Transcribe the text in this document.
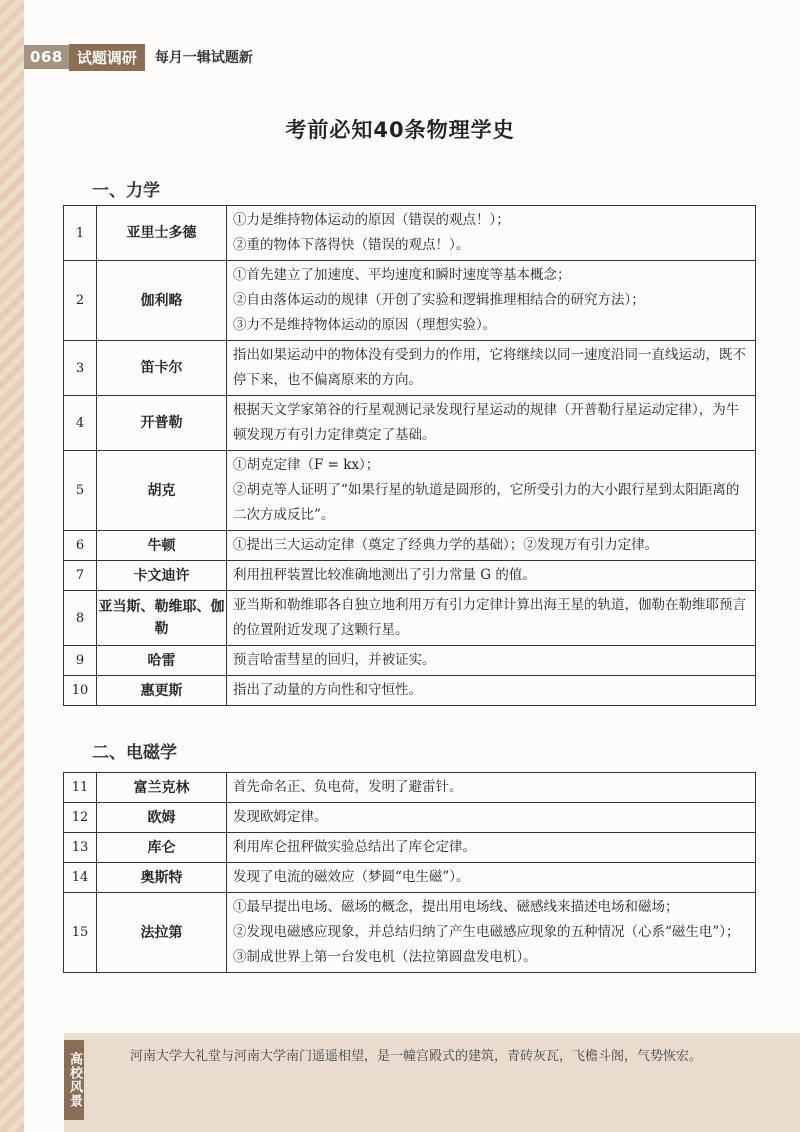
068 试题调研	每月一辑试题新
考前必知40条物理学史
一、力学
1	亚里士多德	①力是维持物体运动的原因（错误的观点！）；
②重的物体下落得快（错误的观点！）。

2	伽利略	①首先建立了加速度、平均速度和瞬时速度等基本概念；
②自由落体运动的规律（开创了实验和逻辑推理相结合的研究方法）；
③力不是维持物体运动的原因（理想实验）。

3	笛卡尔	指出如果运动中的物体没有受到力的作用，它将继续以同一速度沿同一直线运动，既不停下来，也不偏离原来的方向。

4	开普勒	根据天文学家第谷的行星观测记录发现行星运动的规律（开普勒行星运动定律），为牛顿发现万有引力定律奠定了基础。

5	胡克	①胡克定律（F = kx）；
②胡克等人证明了“如果行星的轨道是圆形的，它所受引力的大小跟行星到太阳距离的二次方成反比”。

6	牛顿	①提出三大运动定律（奠定了经典力学的基础）；②发现万有引力定律。

7	卡文迪许	利用扭秤装置比较准确地测出了引力常量 G 的值。

8	亚当斯、勒维耶、伽勒	亚当斯和勒维耶各自独立地利用万有引力定律计算出海王星的轨道，伽勒在勒维耶预言的位置附近发现了这颗行星。

9	哈雷	预言哈雷彗星的回归，并被证实。

10	惠更斯	指出了动量的方向性和守恒性。
二、电磁学
11	富兰克林	首先命名正、负电荷，发明了避雷针。

12	欧姆	发现欧姆定律。

13	库仑	利用库仑扭秤做实验总结出了库仑定律。

14	奥斯特	发现了电流的磁效应（梦圆“电生磁”）。

15	法拉第	①最早提出电场、磁场的概念，提出用电场线、磁感线来描述电场和磁场；
②发现电磁感应现象，并总结归纳了产生电磁感应现象的五种情况（心系“磁生电”）；
③制成世界上第一台发电机（法拉第圆盘发电机）。
高校风景	河南大学大礼堂与河南大学南门遥遥相望，是一幢宫殿式的建筑，青砖灰瓦，飞檐斗阁，气势恢宏。
